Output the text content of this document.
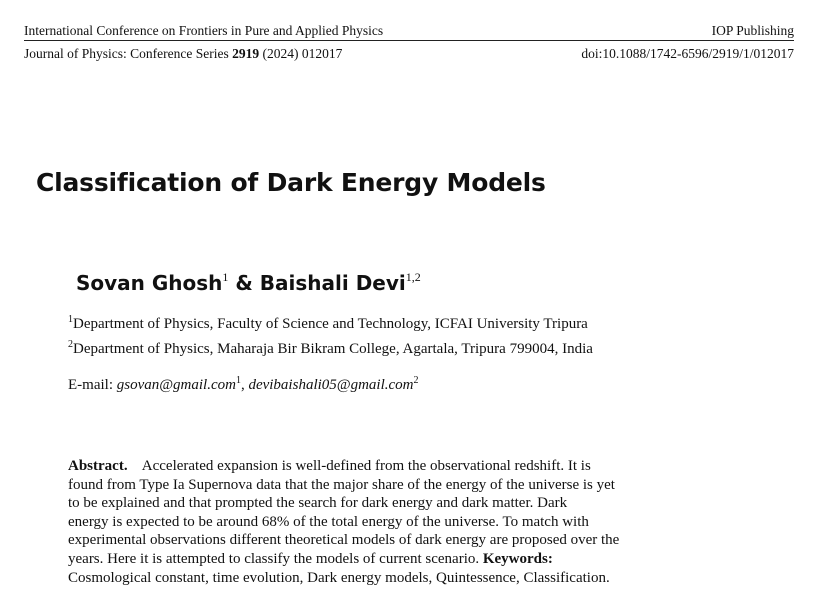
International Conference on Frontiers in Pure and Applied Physics	IOP Publishing
Journal of Physics: Conference Series 2919 (2024) 012017	doi:10.1088/1742-6596/2919/1/012017
Classification of Dark Energy Models
Sovan Ghosh$^1$ & Baishali Devi$^{1,2}$
$^1$Department of Physics, Faculty of Science and Technology, ICFAI University Tripura
$^2$Department of Physics, Maharaja Bir Bikram College, Agartala, Tripura 799004, India
E-mail: gsovan@gmail.com$^1$, devibaishali05@gmail.com$^2$
Abstract. Accelerated expansion is well-defined from the observational redshift. It is
found from Type Ia Supernova data that the major share of the energy of the universe is yet
to be explained and that prompted the search for dark energy and dark matter. Dark
energy is expected to be around 68% of the total energy of the universe. To match with
experimental observations different theoretical models of dark energy are proposed over the
years. Here it is attempted to classify the models of current scenario. Keywords:
Cosmological constant, time evolution, Dark energy models, Quintessence, Classification.
